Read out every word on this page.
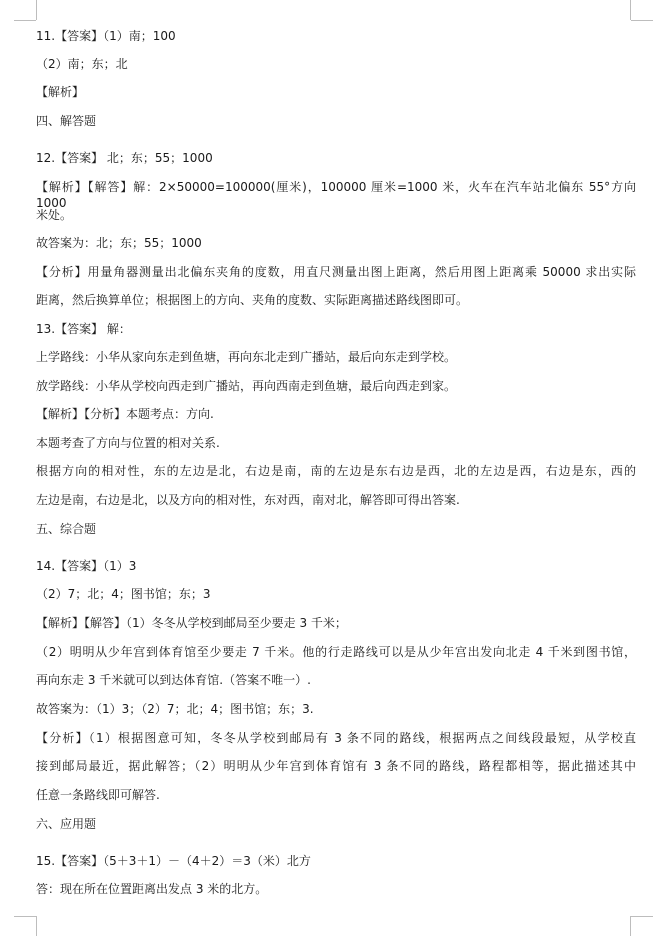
11.【答案】（1）南；100
（2）南；东；北
【解析】
四、解答题
12.【答案】 北；东；55；1000
【解析】【解答】解：2×50000=100000(厘米)，100000 厘米=1000 米，火车在汽车站北偏东 55°方向 1000
米处。
故答案为：北；东；55；1000
【分析】用量角器测量出北偏东夹角的度数，用直尺测量出图上距离，然后用图上距离乘 50000 求出实际
距离，然后换算单位；根据图上的方向、夹角的度数、实际距离描述路线图即可。
13.【答案】 解：
上学路线：小华从家向东走到鱼塘，再向东北走到广播站，最后向东走到学校。
放学路线：小华从学校向西走到广播站，再向西南走到鱼塘，最后向西走到家。
【解析】【分析】本题考点：方向.
本题考查了方向与位置的相对关系.
根据方向的相对性，东的左边是北，右边是南，南的左边是东右边是西，北的左边是西，右边是东，西的
左边是南，右边是北，以及方向的相对性，东对西，南对北，解答即可得出答案.
五、综合题
14.【答案】（1）3
（2）7；北；4；图书馆；东；3
【解析】【解答】（1）冬冬从学校到邮局至少要走 3 千米；
（2）明明从少年宫到体育馆至少要走 7 千米。他的行走路线可以是从少年宫出发向北走 4 千米到图书馆，
再向东走 3 千米就可以到达体育馆.（答案不唯一）.
故答案为：（1）3；（2）7；北；4；图书馆；东；3.
【分析】（1）根据图意可知，冬冬从学校到邮局有 3 条不同的路线，根据两点之间线段最短，从学校直
接到邮局最近，据此解答；（2）明明从少年宫到体育馆有 3 条不同的路线，路程都相等，据此描述其中
任意一条路线即可解答.
六、应用题
15.【答案】（5＋3＋1）－（4＋2）＝3（米）北方
答：现在所在位置距离出发点 3 米的北方。
